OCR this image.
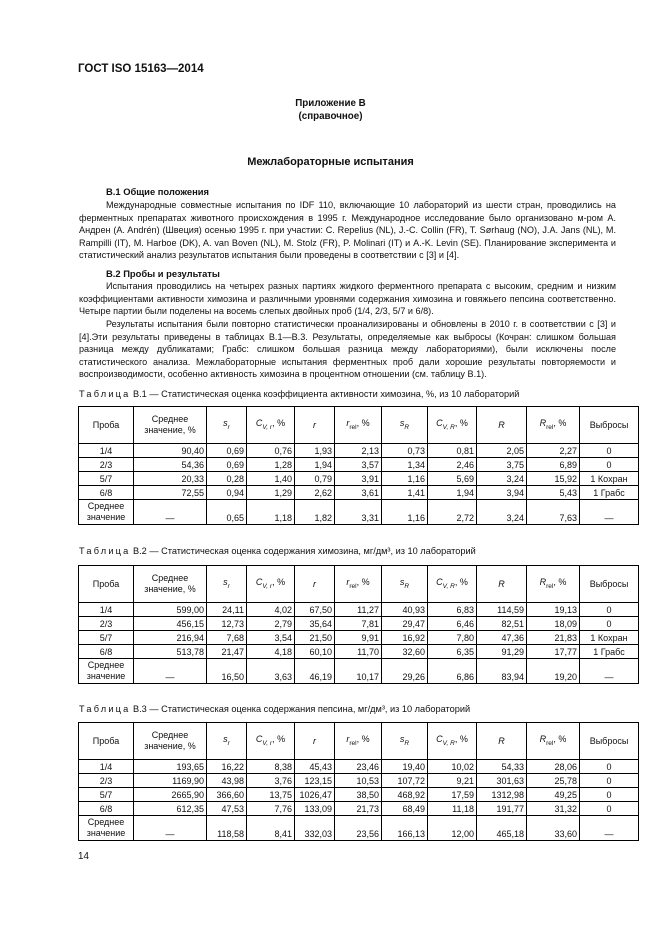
ГОСТ ISO 15163—2014
Приложение В
(справочное)
Межлабораторные испытания
В.1 Общие положения

Международные совместные испытания по IDF 110, включающие 10 лабораторий из шести стран, проводились на ферментных препаратах животного происхождения в 1995 г. Международное исследование было организовано м-ром А. Андрен (A. Andrén) (Швеция) осенью 1995 г. при участии: С. Repelius (NL), J.-C. Collin (FR), T. Sørhaug (NO), J.A. Jans (NL), M. Rampilli (IT), M. Harboe (DK), A. van Boven (NL), M. Stolz (FR), P. Molinari (IT) и A.-K. Levin (SE). Планирование эксперимента и статистический анализ результатов испытания были проведены в соответствии с [3] и [4].

В.2 Пробы и результаты

Испытания проводились на четырех разных партиях жидкого ферментного препарата с высоким, средним и низким коэффициентами активности химозина и различными уровнями содержания химозина и говяжьего пепсина соответственно. Четыре партии были поделены на восемь слепых двойных проб (1/4, 2/3, 5/7 и 6/8).

Результаты испытания были повторно статистически проанализированы и обновлены в 2010 г. в соответствии с [3] и [4].Эти результаты приведены в таблицах В.1—В.3. Результаты, определяемые как выбросы (Кочран: слишком большая разница между дубликатами; Грабс: слишком большая разница между лабораториями), были исключены после статистического анализа. Межлабораторные испытания ферментных проб дали хорошие результаты повторяемости и воспроизводимости, особенно активность химозина в процентном отношении (см. таблицу В.1).

Таблица В.1 — Статистическая оценка коэффициента активности химозина, %, из 10 лабораторий
Проба	Среднее значение, %	$s_r$	$C_{V, r}$, %	r	$r_{rel}$, %	$s_R$	$C_{V, R}$, %	R	$R_{rel}$, %	Выбросы
1/4	90,40	0,69	0,76	1,93	2,13	0,73	0,81	2,05	2,27	0
2/3	54,36	0,69	1,28	1,94	3,57	1,34	2,46	3,75	6,89	0
5/7	20,33	0,28	1,40	0,79	3,91	1,16	5,69	3,24	15,92	1 Кохран
6/8	72,55	0,94	1,29	2,62	3,61	1,41	1,94	3,94	5,43	1 Грабс
Среднее значение	—	0,65	1,18	1,82	3,31	1,16	2,72	3,24	7,63	—
Таблица В.2 — Статистическая оценка содержания химозина, мг/дм³, из 10 лабораторий
Проба	Среднее значение, %	$s_r$	$C_{V, r}$, %	r	$r_{rel}$, %	$s_R$	$C_{V, R}$, %	R	$R_{rel}$, %	Выбросы
1/4	599,00	24,11	4,02	67,50	11,27	40,93	6,83	114,59	19,13	0
2/3	456,15	12,73	2,79	35,64	7,81	29,47	6,46	82,51	18,09	0
5/7	216,94	7,68	3,54	21,50	9,91	16,92	7,80	47,36	21,83	1 Кохран
6/8	513,78	21,47	4,18	60,10	11,70	32,60	6,35	91,29	17,77	1 Грабс
Среднее значение	—	16,50	3,63	46,19	10,17	29,26	6,86	83,94	19,20	—
Таблица В.3 — Статистическая оценка содержания пепсина, мг/дм³, из 10 лабораторий
Проба	Среднее значение, %	$s_r$	$C_{V, r}$, %	r	$r_{rel}$, %	$s_R$	$C_{V, R}$, %	R	$R_{rel}$, %	Выбросы
1/4	193,65	16,22	8,38	45,43	23,46	19,40	10,02	54,33	28,06	0
2/3	1169,90	43,98	3,76	123,15	10,53	107,72	9,21	301,63	25,78	0
5/7	2665,90	366,60	13,75	1026,47	38,50	468,92	17,59	1312,98	49,25	0
6/8	612,35	47,53	7,76	133,09	21,73	68,49	11,18	191,77	31,32	0
Среднее значение	—	118,58	8,41	332,03	23,56	166,13	12,00	465,18	33,60	—
14
